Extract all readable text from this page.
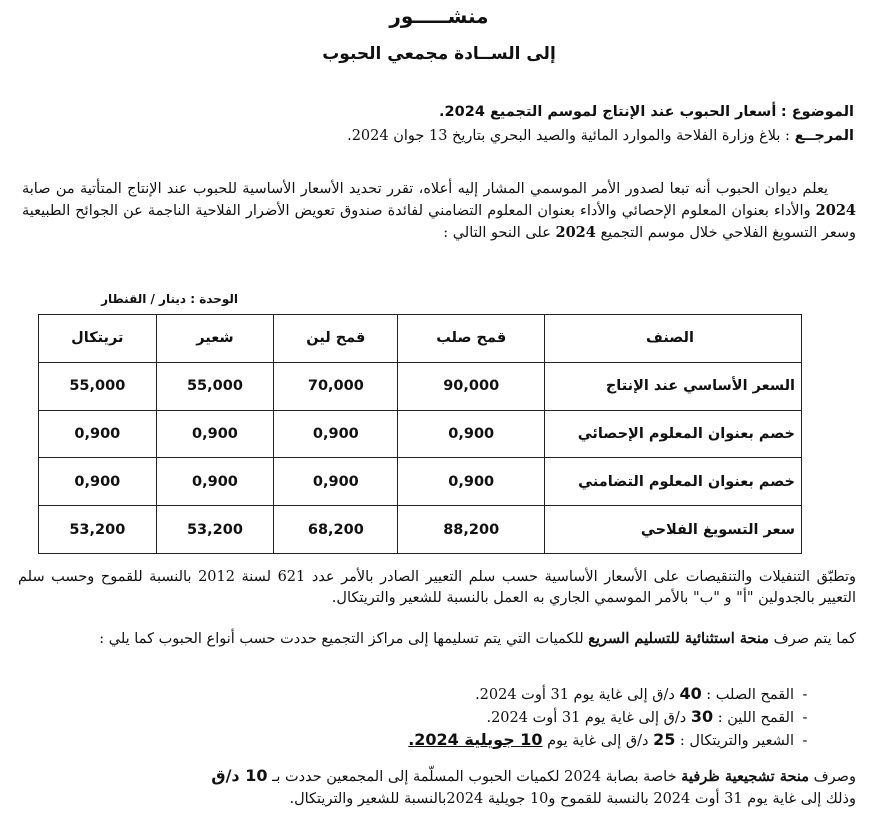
منشـــــور
إلى الســادة مجمعي الحبوب
الموضوع : أسعار الحبوب عند الإنتاج لموسم التجميع 2024.
المرجــع : بلاغ وزارة الفلاحة والموارد المائية والصيد البحري بتاريخ 13 جوان 2024.
يعلم ديوان الحبوب أنه تبعا لصدور الأمر الموسمي المشار إليه أعلاه، تقرر تحديد الأسعار الأساسية للحبوب عند الإنتاج المتأتية من صابة 2024 والأداء بعنوان المعلوم الإحصائي والأداء بعنوان المعلوم التضامني لفائدة صندوق تعويض الأضرار الفلاحية الناجمة عن الجوائح الطبيعية وسعر التسويغ الفلاحي خلال موسم التجميع 2024 على النحو التالي :
الوحدة : دينار / القنطار
الصنف	قمح صلب	قمح لين	شعير	تريتكال
السعر الأساسي عند الإنتاج	90,000	70,000	55,000	55,000
خصم بعنوان المعلوم الإحصائي	0,900	0,900	0,900	0,900
خصم بعنوان المعلوم التضامني	0,900	0,900	0,900	0,900
سعر التسويغ الفلاحي	88,200	68,200	53,200	53,200
وتطبّق التنفيلات والتنقيصات على الأسعار الأساسية حسب سلم التعيير الصادر بالأمر عدد 621 لسنة 2012 بالنسبة للقموح وحسب سلم التعيير بالجدولين "أ" و "ب" بالأمر الموسمي الجاري به العمل بالنسبة للشعير والتريتكال.
كما يتم صرف منحة استثنائية للتسليم السريع للكميات التي يتم تسليمها إلى مراكز التجميع حددت حسب أنواع الحبوب كما يلي :
-القمح الصلب : 40 د/ق إلى غاية يوم 31 أوت 2024.
-القمح اللين : 30 د/ق إلى غاية يوم 31 أوت 2024.
-الشعير والتريتكال : 25 د/ق إلى غاية يوم 10 جويلية 2024.
وصرف منحة تشجيعية ظرفية خاصة بصابة 2024 لكميات الحبوب المسلّمة إلى المجمعين حددت بـ 10 د/ق
وذلك إلى غاية يوم 31 أوت 2024 بالنسبة للقموح و10 جويلية 2024بالنسبة للشعير والتريتكال.
